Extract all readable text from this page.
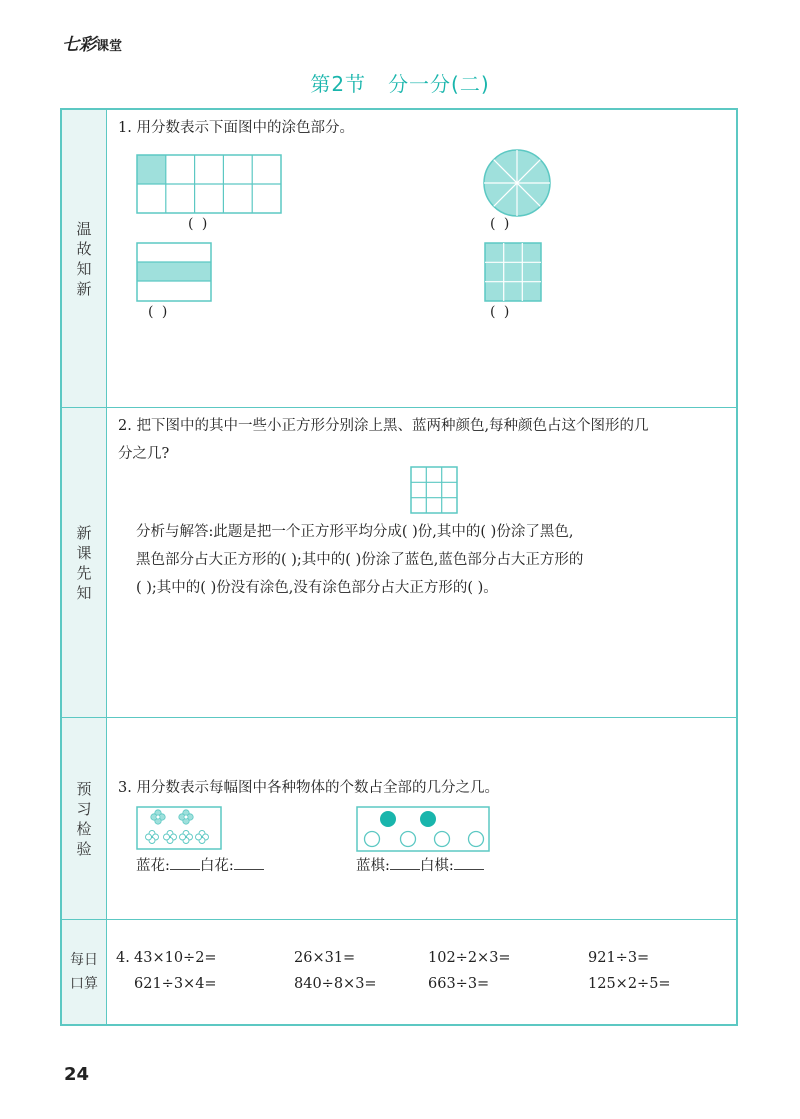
七彩课堂
第2节 分一分(二)
温故知新
1. 用分数表示下面图中的涂色部分。
( )	( )
( )	( )
新课先知
2. 把下图中的其中一些小正方形分别涂上黑、蓝两种颜色,每种颜色占这个图形的几
分之几?
分析与解答:此题是把一个正方形平均分成( )份,其中的( )份涂了黑色,
黑色部分占大正方形的( );其中的( )份涂了蓝色,蓝色部分占大正方形的
( );其中的( )份没有涂色,没有涂色部分占大正方形的( )。
预习检验
3. 用分数表示每幅图中各种物体的个数占全部的几分之几。
蓝花: 白花:	蓝棋: 白棋:
每日口算
4. 43×10÷2=	26×31=	102÷2×3=	921÷3=
621÷3×4=	840÷8×3=	663÷3=	125×2÷5=
24
